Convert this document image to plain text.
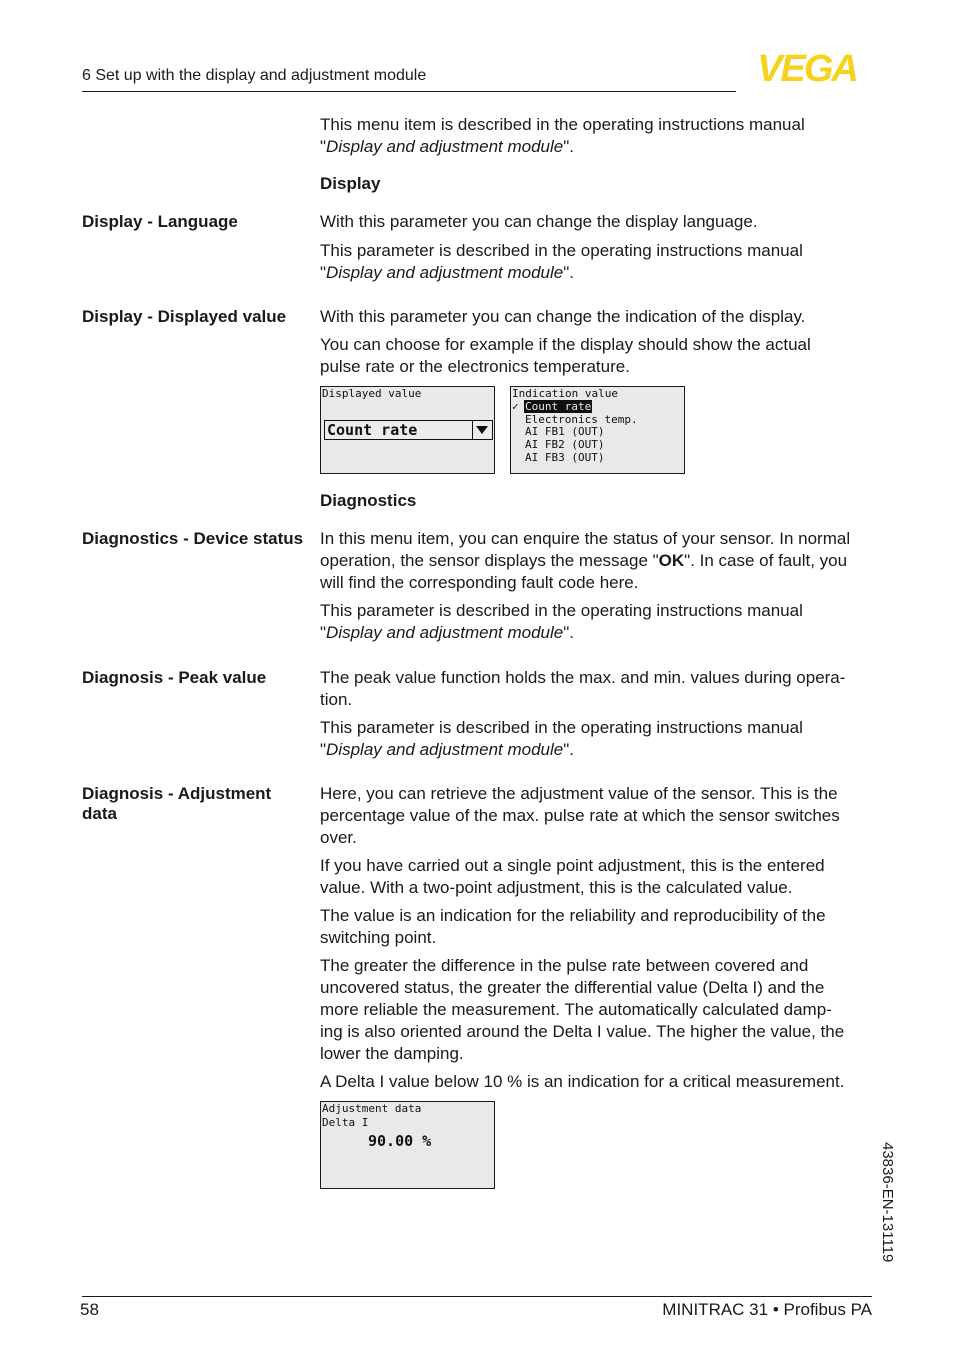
6 Set up with the display and adjustment module	VEGA
This menu item is described in the operating instructions manual
"Display and adjustment module".
Display
Display - Language	With this parameter you can change the display language.
This parameter is described in the operating instructions manual
"Display and adjustment module".
Display - Displayed value	With this parameter you can change the indication of the display.
You can choose for example if the display should show the actual
pulse rate or the electronics temperature.
Displayed value
Count rate
Indication value
✓ Count rate
Electronics temp.
AI FB1 (OUT)
AI FB2 (OUT)
AI FB3 (OUT)
Diagnostics
Diagnostics - Device status In this menu item, you can enquire the status of your sensor. In normal
operation, the sensor displays the message "OK". In case of fault, you
will find the corresponding fault code here.
This parameter is described in the operating instructions manual
"Display and adjustment module".
Diagnosis - Peak value	The peak value function holds the max. and min. values during opera-
tion.
This parameter is described in the operating instructions manual
"Display and adjustment module".
Diagnosis - Adjustment data
Here, you can retrieve the adjustment value of the sensor. This is the
percentage value of the max. pulse rate at which the sensor switches
over.
If you have carried out a single point adjustment, this is the entered
value. With a two-point adjustment, this is the calculated value.
The value is an indication for the reliability and reproducibility of the
switching point.
The greater the difference in the pulse rate between covered and
uncovered status, the greater the differential value (Delta I) and the
more reliable the measurement. The automatically calculated damp-
ing is also oriented around the Delta I value. The higher the value, the
lower the damping.
A Delta I value below 10 % is an indication for a critical measurement.
Adjustment data
Delta I
90.00 %
43836-EN-131119
58	MINITRAC 31 • Profibus PA
